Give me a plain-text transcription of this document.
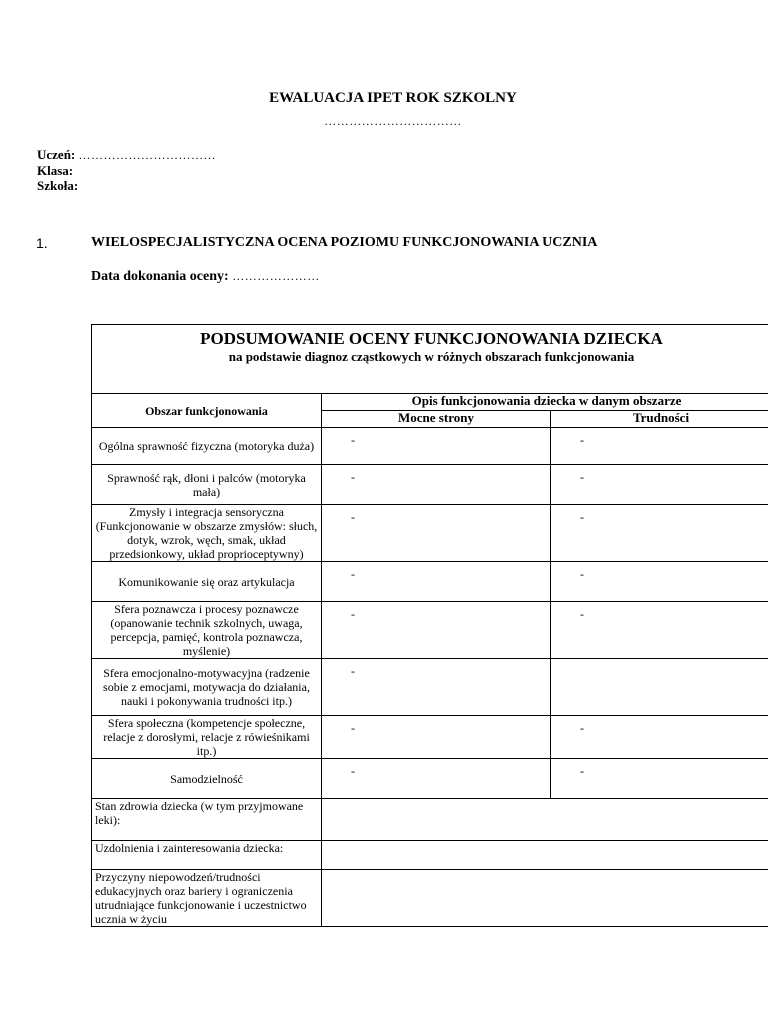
EWALUACJA IPET ROK SZKOLNY
……………………………
Uczeń: ……………………………
Klasa:
Szkoła:
1.	WIELOSPECJALISTYCZNA OCENA POZIOMU FUNKCJONOWANIA UCZNIA
Data dokonania oceny: …………………
PODSUMOWANIE OCENY FUNKCJONOWANIA DZIECKA
na podstawie diagnoz cząstkowych w różnych obszarach funkcjonowania		

Obszar funkcjonowania	Opis funkcjonowania dziecka w danym obszarze	
	Mocne strony	Trudności
Ogólna sprawność fizyczna (motoryka duża)	-	-
Sprawność rąk, dłoni i palców (motoryka mała)	-	-
Zmysły i integracja sensoryczna (Funkcjonowanie w obszarze zmysłów: słuch, dotyk, wzrok, węch, smak, układ przedsionkowy, układ proprioceptywny)	-	-
Komunikowanie się oraz artykulacja	-	-
Sfera poznawcza i procesy poznawcze (opanowanie technik szkolnych, uwaga, percepcja, pamięć, kontrola poznawcza, myślenie)	-	-
Sfera emocjonalno-motywacyjna (radzenie sobie z emocjami, motywacja do działania, nauki i pokonywania trudności itp.)	-	
Sfera społeczna (kompetencje społeczne, relacje z dorosłymi, relacje z rówieśnikami itp.)	-	-
Samodzielność	-	-
Stan zdrowia dziecka (w tym przyjmowane leki):		
Uzdolnienia i zainteresowania dziecka:		
Przyczyny niepowodzeń/trudności edukacyjnych oraz bariery i ograniczenia utrudniające funkcjonowanie i uczestnictwo ucznia w życiu		
